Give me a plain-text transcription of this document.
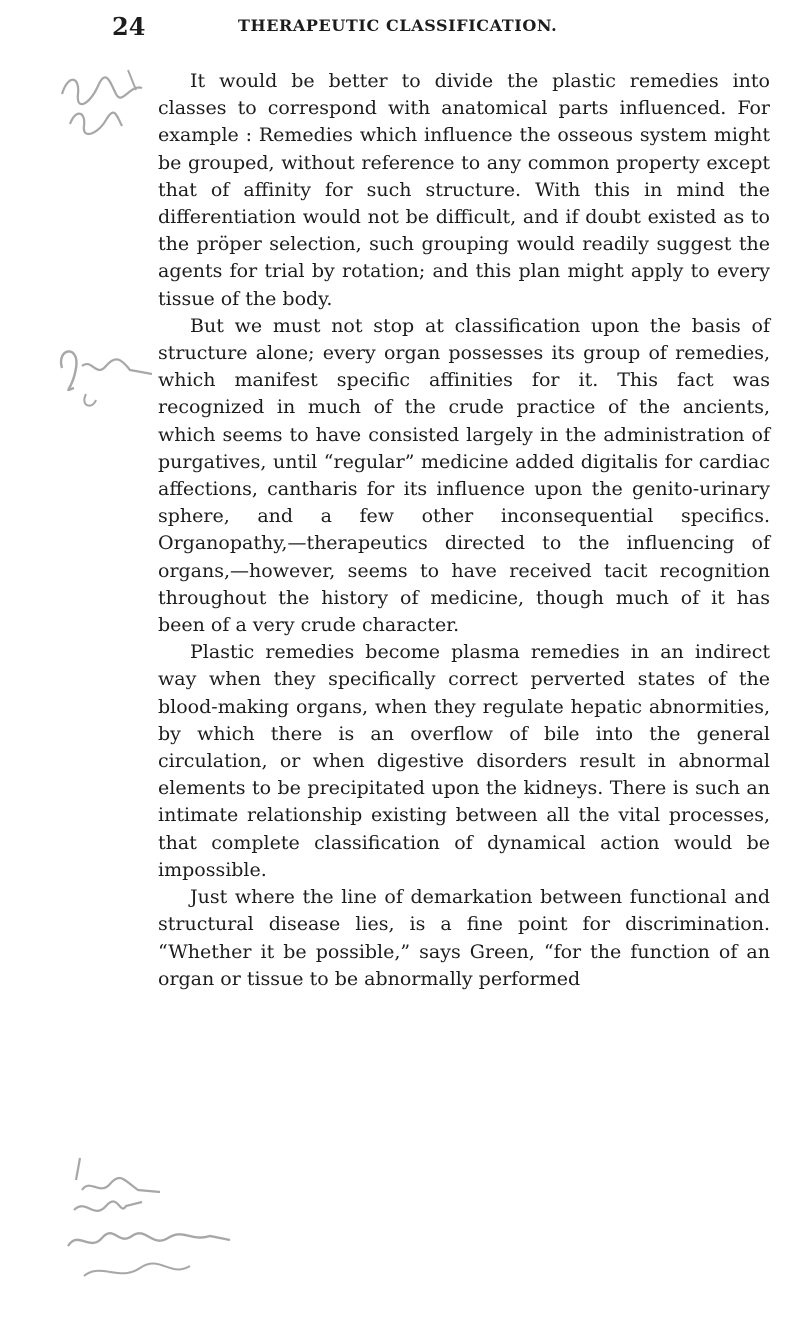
24	THERAPEUTIC CLASSIFICATION.

It would be better to divide the plastic remedies into classes to correspond with anatomical parts influenced. For example : Remedies which influence the osseous system might be grouped, without reference to any common property except that of affinity for such structure. With this in mind the differentiation would not be difficult, and if doubt existed as to the pröper selection, such grouping would readily suggest the agents for trial by rotation; and this plan might apply to every tissue of the body.

But we must not stop at classification upon the basis of structure alone; every organ possesses its group of remedies, which manifest specific affinities for it. This fact was recognized in much of the crude practice of the ancients, which seems to have consisted largely in the administration of purgatives, until “regular” medicine added digitalis for cardiac affections, cantharis for its influence upon the genito-urinary sphere, and a few other inconsequential specifics. Organopathy,—therapeutics directed to the influencing of organs,—however, seems to have received tacit recognition throughout the history of medicine, though much of it has been of a very crude character.

Plastic remedies become plasma remedies in an indirect way when they specifically correct perverted states of the blood-making organs, when they regulate hepatic abnormities, by which there is an overflow of bile into the general circulation, or when digestive disorders result in abnormal elements to be precipitated upon the kidneys. There is such an intimate relationship existing between all the vital processes, that complete classification of dynamical action would be impossible.

Just where the line of demarkation between functional and structural disease lies, is a fine point for discrimination. “Whether it be possible,” says Green, “for the function of an organ or tissue to be abnormally performed
